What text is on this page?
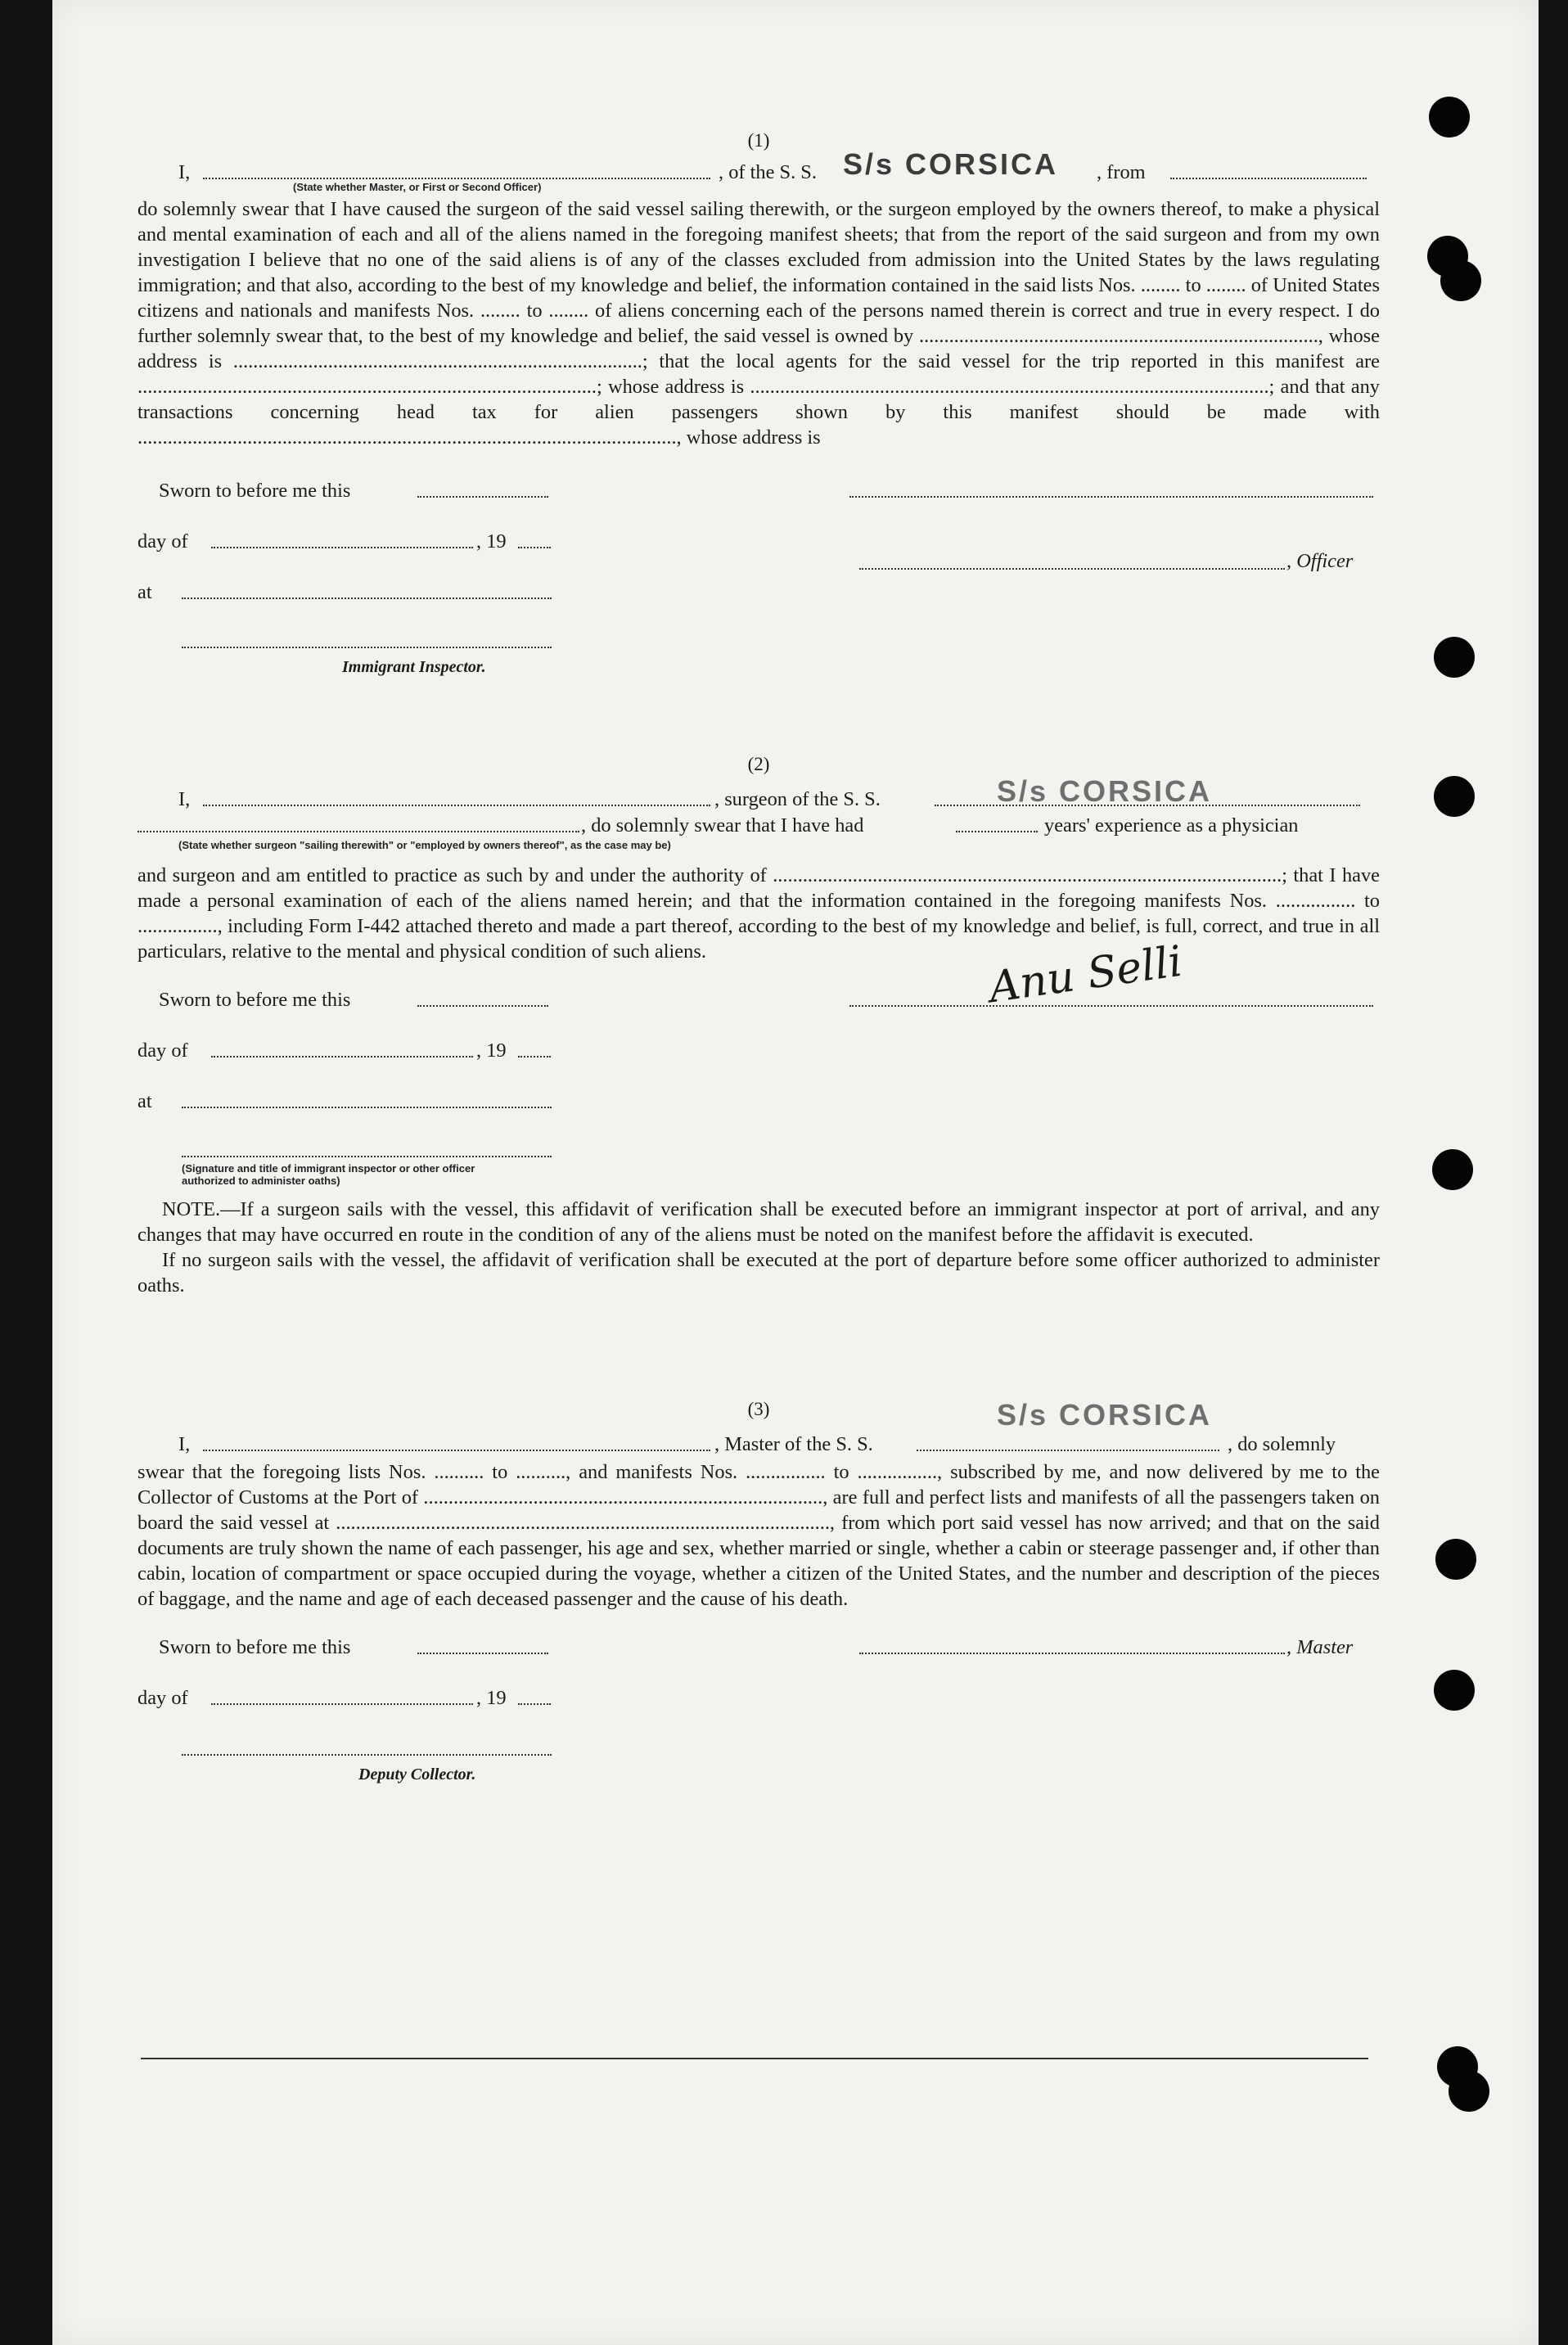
(1)
I,	, of the S. S. S/s CORSICA , from
(State whether Master, or First or Second Officer)
do solemnly swear that I have caused the surgeon of the said vessel sailing therewith, or the surgeon employed by the owners thereof, to make a physical and mental examination of each and all of the aliens named in the foregoing manifest sheets; that from the report of the said surgeon and from my own investigation I believe that no one of the said aliens is of any of the classes excluded from admission into the United States by the laws regulating immigration; and that also, according to the best of my knowledge and belief, the information contained in the said lists Nos. ........ to ........ of United States citizens and nationals and manifests Nos. ........ to ........ of aliens concerning each of the persons named therein is correct and true in every respect. I do further solemnly swear that, to the best of my knowledge and belief, the said vessel is owned by ................................................................................, whose address is ..................................................................................; that the local agents for the said vessel for the trip reported in this manifest are ............................................................................................; whose address is ........................................................................................................; and that any transactions concerning head tax for alien passengers shown by this manifest should be made with ............................................................................................................, whose address is
Sworn to before me this
day of	, 19
, Officer
at
Immigrant Inspector.
(2)
I,	, surgeon of the S. S.	S/s CORSICA
, do solemnly swear that I have had	years' experience as a physician
(State whether surgeon "sailing therewith" or "employed by owners thereof", as the case may be)
and surgeon and am entitled to practice as such by and under the authority of ......................................................................................................; that I have made a personal examination of each of the aliens named herein; and that the information contained in the foregoing manifests Nos. ................ to ................, including Form I-442 attached thereto and made a part thereof, according to the best of my knowledge and belief, is full, correct, and true in all particulars, relative to the mental and physical condition of such aliens.
Sworn to before me this	Anu Selli
day of	, 19
at
(Signature and title of immigrant inspector or other officer authorized to administer oaths)
NOTE.—If a surgeon sails with the vessel, this affidavit of verification shall be executed before an immigrant inspector at port of arrival, and any changes that may have occurred en route in the condition of any of the aliens must be noted on the manifest before the affidavit is executed.
If no surgeon sails with the vessel, the affidavit of verification shall be executed at the port of departure before some officer authorized to administer oaths.
(3)
I,	, Master of the S. S.
S/s CORSICA
, do solemnly
swear that the foregoing lists Nos. .......... to .........., and manifests Nos. ................ to ................, subscribed by me, and now delivered by me to the Collector of Customs at the Port of ................................................................................, are full and perfect lists and manifests of all the passengers taken on board the said vessel at ..................................................................................................., from which port said vessel has now arrived; and that on the said documents are truly shown the name of each passenger, his age and sex, whether married or single, whether a cabin or steerage passenger and, if other than cabin, location of compartment or space occupied during the voyage, whether a citizen of the United States, and the number and description of the pieces of baggage, and the name and age of each deceased passenger and the cause of his death.
Sworn to before me this	, Master
day of	, 19
Deputy Collector.
